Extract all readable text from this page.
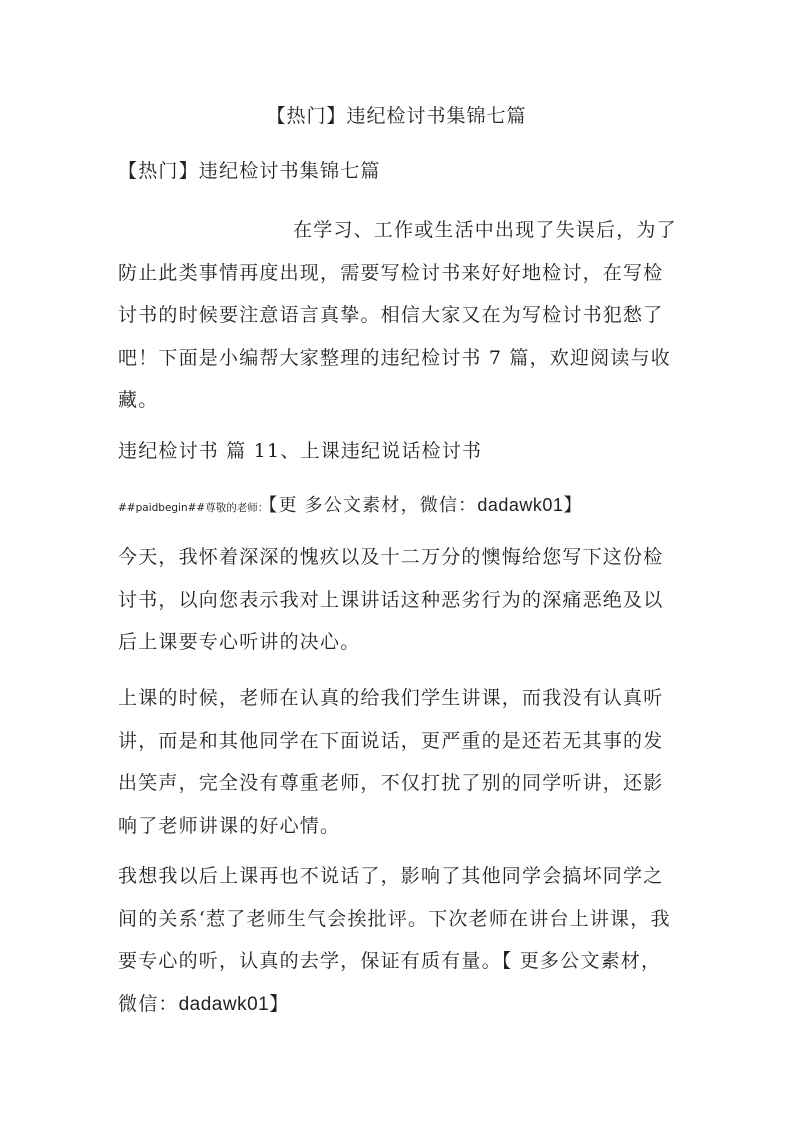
【热门】违纪检讨书集锦七篇
【热门】违纪检讨书集锦七篇

在学习、工作或生活中出现了失误后，为了防止此类事情再度出现，需要写检讨书来好好地检讨，在写检讨书的时候要注意语言真挚。相信大家又在为写检讨书犯愁了吧！下面是小编帮大家整理的违纪检讨书 7 篇，欢迎阅读与收藏。

违纪检讨书 篇 11、上课违纪说话检讨书

##paidbegin##尊敬的老师：【更 多公文素材，微信：dadawk01】

今天，我怀着深深的愧疚以及十二万分的懊悔给您写下这份检讨书，以向您表示我对上课讲话这种恶劣行为的深痛恶绝及以后上课要专心听讲的决心。

上课的时候，老师在认真的给我们学生讲课，而我没有认真听讲，而是和其他同学在下面说话，更严重的是还若无其事的发出笑声，完全没有尊重老师，不仅打扰了别的同学听讲，还影响了老师讲课的好心情。

我想我以后上课再也不说话了，影响了其他同学会搞坏同学之间的关系‘惹了老师生气会挨批评。下次老师在讲台上讲课，我要专心的听，认真的去学，保证有质有量。【 更多公文素材，微信：dadawk01】
